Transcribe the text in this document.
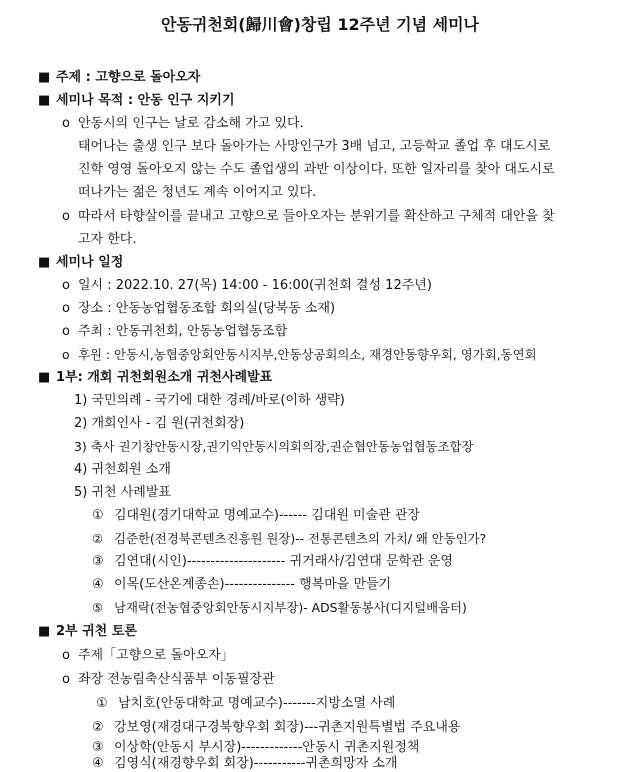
안동귀천회(歸川會)창립 12주년 기념 세미나
■ 주제 : 고향으로 돌아오자
■ 세미나 목적 : 안동 인구 지키기
o 안동시의 인구는 날로 감소해 가고 있다.
태어나는 출생 인구 보다 돌아가는 사망인구가 3배 넘고, 고등학교 졸업 후 대도시로
진학 영영 돌아오지 않는 수도 졸업생의 과반 이상이다. 또한 일자리를 찾아 대도시로
떠나가는 젊은 청년도 계속 이어지고 있다.
o 따라서 타향살이를 끝내고 고향으로 들아오자는 분위기를 확산하고 구체적 대안을 찾
고자 한다.
■ 세미나 일정
o 일시 : 2022.10. 27(목) 14:00 - 16:00(귀천회 결성 12주년)
o 장소 : 안동농업협동조합 회의실(당북동 소재)
o 주최 : 안동귀천회, 안동농업협동조합
o 후원 : 안동시,농협중앙회안동시지부,안동상공회의소, 재경안동향우회, 영가회,동연회
■ 1부: 개회 귀천회원소개 귀천사례발표
1) 국민의례 - 국기에 대한 경례/바로(이하 생략)
2) 개회인사 - 김 원(귀천회장)
3) 축사 권기창안동시장,권기익안동시의회의장,권순협안동농업협동조합장
4) 귀천회원 소개
5) 귀천 사례발표
① 김대원(경기대학교 명예교수)------ 김대원 미술관 관장
② 김준한(전경북콘텐츠진흥원 원장)-- 전통콘텐츠의 가치/ 왜 안동인가?
③ 김연대(시인)--------------------- 귀거래사/김연대 문학관 운영
④ 이목(도산온계종손)--------------- 행복마을 만들기
⑤ 남재락(전농협중앙회안동시지부장)- ADS활동봉사(디지털배움터)
■ 2부 귀천 토론
o 주제「고향으로 돌아오자」
o 좌장 전농림축산식품부 이동필장관
① 남치호(안동대학교 명예교수)-------지방소멸 사례
② 강보영(재경대구경북향우회 회장)---귀촌지원특별법 주요내용
③ 이상학(안동시 부시장)-------------안동시 귀촌지원정책
④ 김영식(재경향우회 회장)-----------귀촌희망자 소개
